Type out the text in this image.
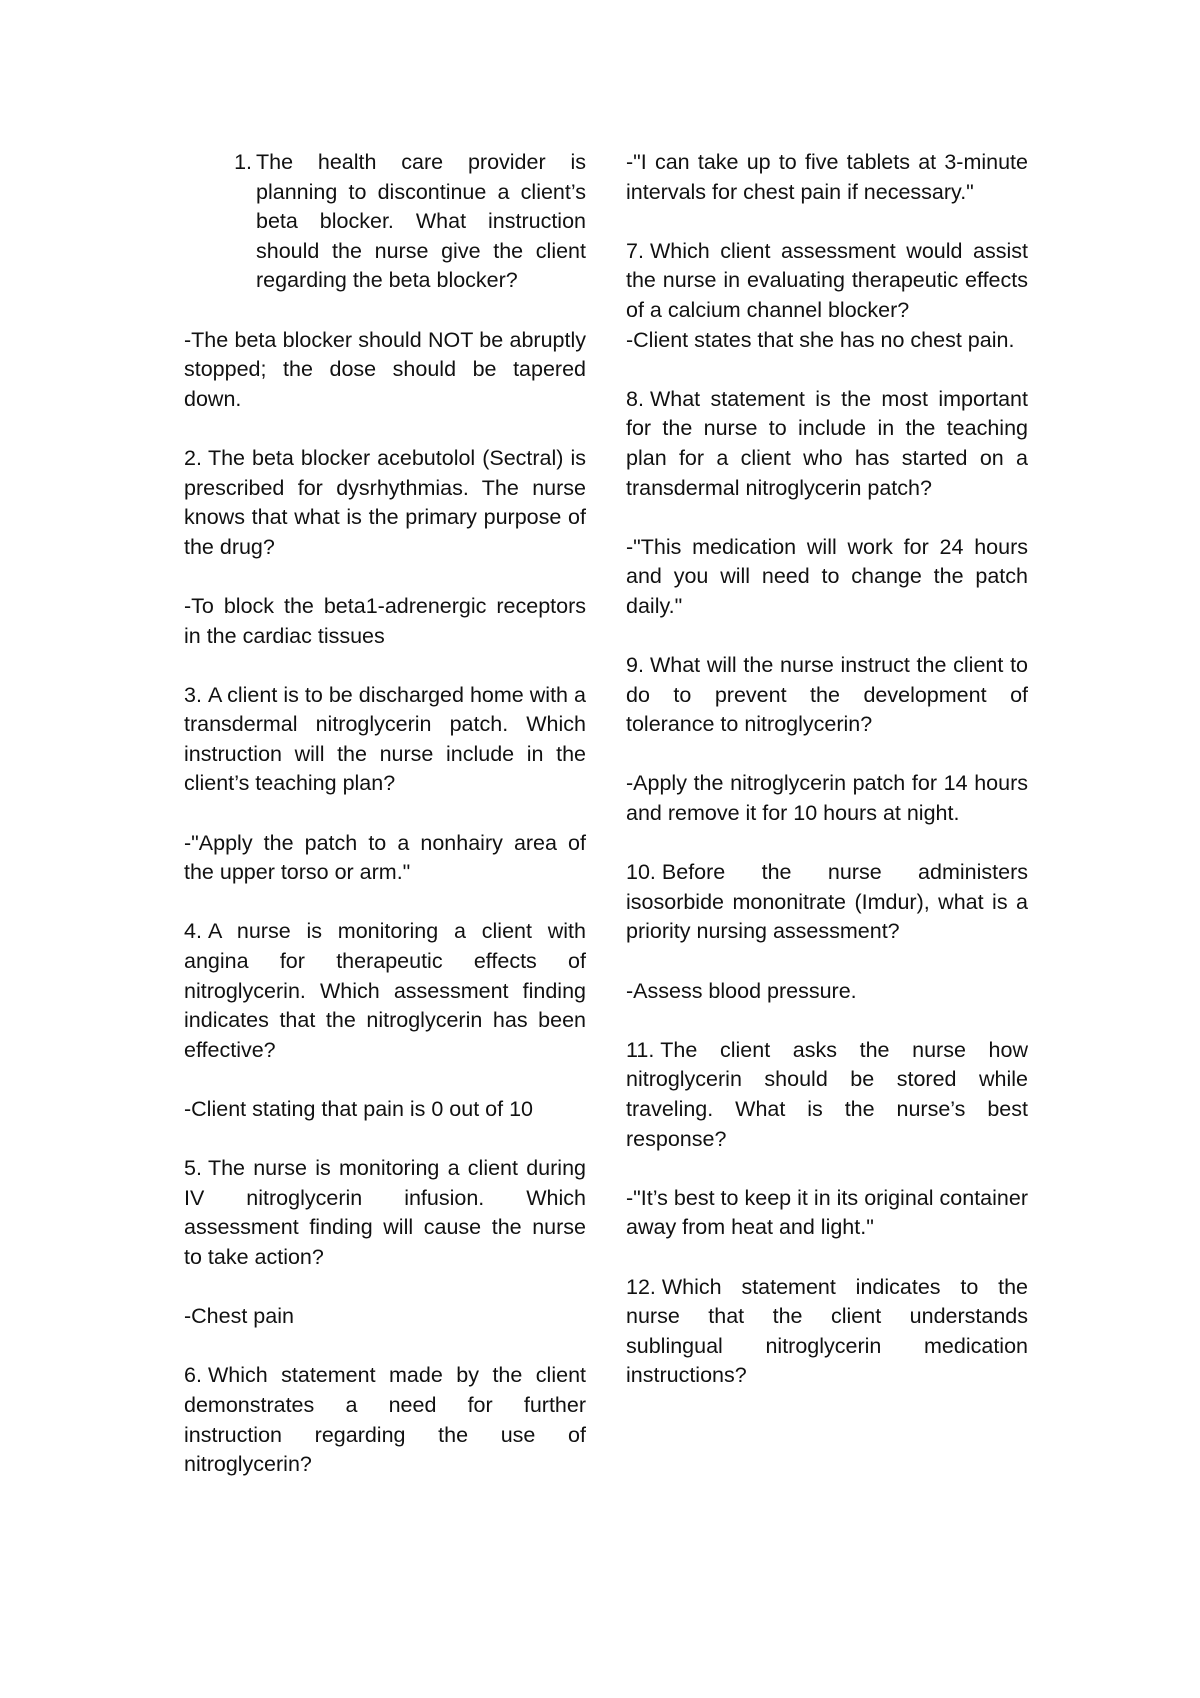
1. The health care provider is planning to discontinue a client’s beta blocker. What instruction should the nurse give the client regarding the beta blocker?
-The beta blocker should NOT be abruptly stopped; the dose should be tapered down.
2. The beta blocker acebutolol (Sectral) is prescribed for dysrhythmias. The nurse knows that what is the primary purpose of the drug?
-To block the beta1-adrenergic receptors in the cardiac tissues
3. A client is to be discharged home with a transdermal nitroglycerin patch. Which instruction will the nurse include in the client’s teaching plan?
-"Apply the patch to a nonhairy area of the upper torso or arm."
4. A nurse is monitoring a client with angina for therapeutic effects of nitroglycerin. Which assessment finding indicates that the nitroglycerin has been effective?
-Client stating that pain is 0 out of 10
5. The nurse is monitoring a client during IV nitroglycerin infusion. Which assessment finding will cause the nurse to take action?
-Chest pain
6. Which statement made by the client demonstrates a need for further instruction regarding the use of nitroglycerin?
-"I can take up to five tablets at 3-minute intervals for chest pain if necessary."
7. Which client assessment would assist the nurse in evaluating therapeutic effects of a calcium channel blocker?
-Client states that she has no chest pain.
8. What statement is the most important for the nurse to include in the teaching plan for a client who has started on a transdermal nitroglycerin patch?
-"This medication will work for 24 hours and you will need to change the patch daily."
9. What will the nurse instruct the client to do to prevent the development of tolerance to nitroglycerin?
-Apply the nitroglycerin patch for 14 hours and remove it for 10 hours at night.
10. Before the nurse administers isosorbide mononitrate (Imdur), what is a priority nursing assessment?
-Assess blood pressure.
11. The client asks the nurse how nitroglycerin should be stored while traveling. What is the nurse’s best response?
-"It’s best to keep it in its original container away from heat and light."
12. Which statement indicates to the nurse that the client understands sublingual nitroglycerin medication instructions?
